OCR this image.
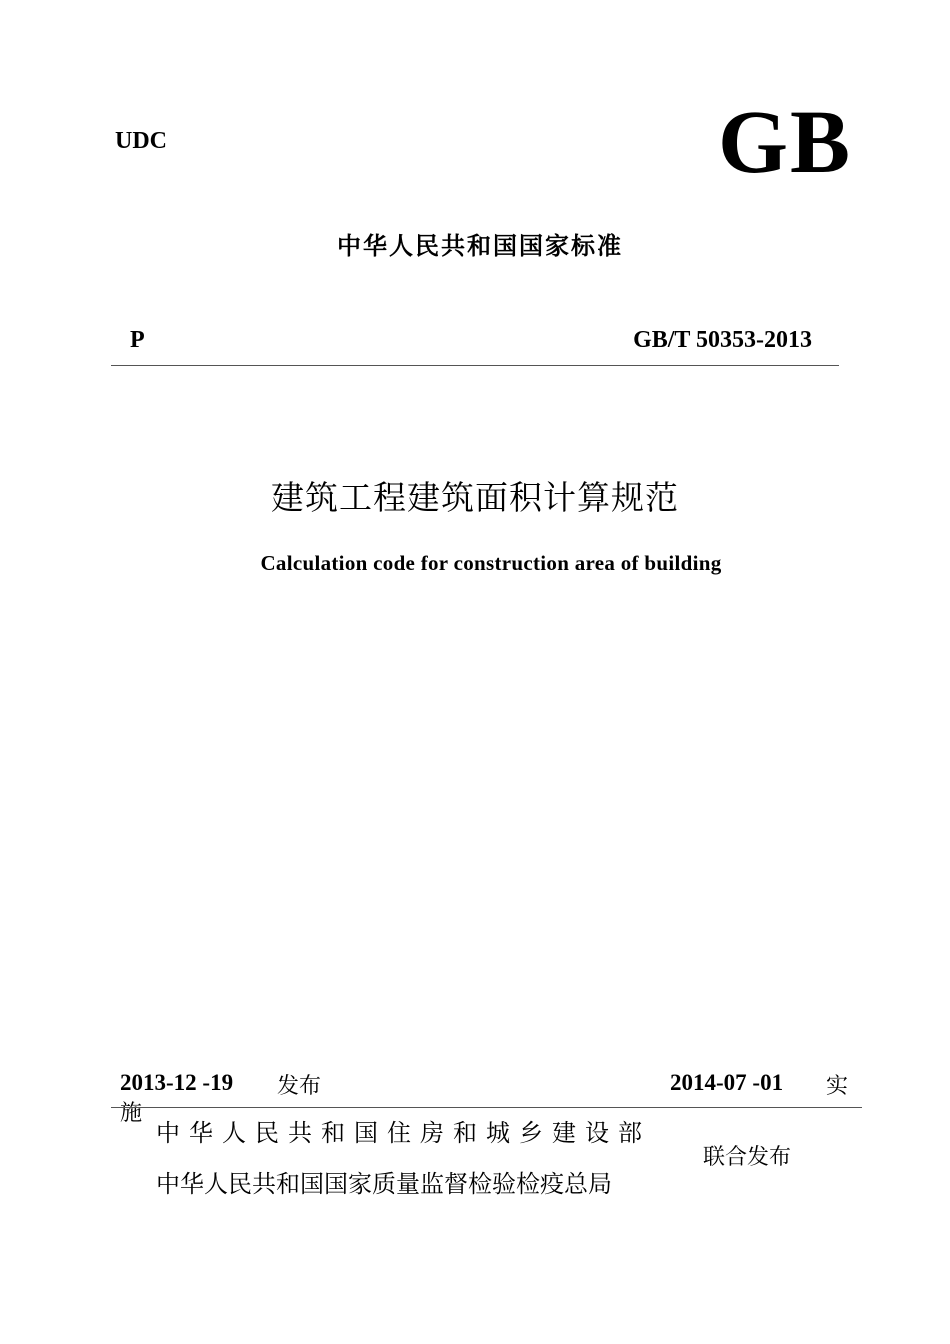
UDC	GB
中华人民共和国国家标准
P	GB/T 50353-2013
建筑工程建筑面积计算规范
Calculation code for construction area of building
2013-12 -19 发布	2014-07 -01 实
施
中华人民共和国住房和城乡建设部
中华人民共和国国家质量监督检验检疫总局
联合发布
